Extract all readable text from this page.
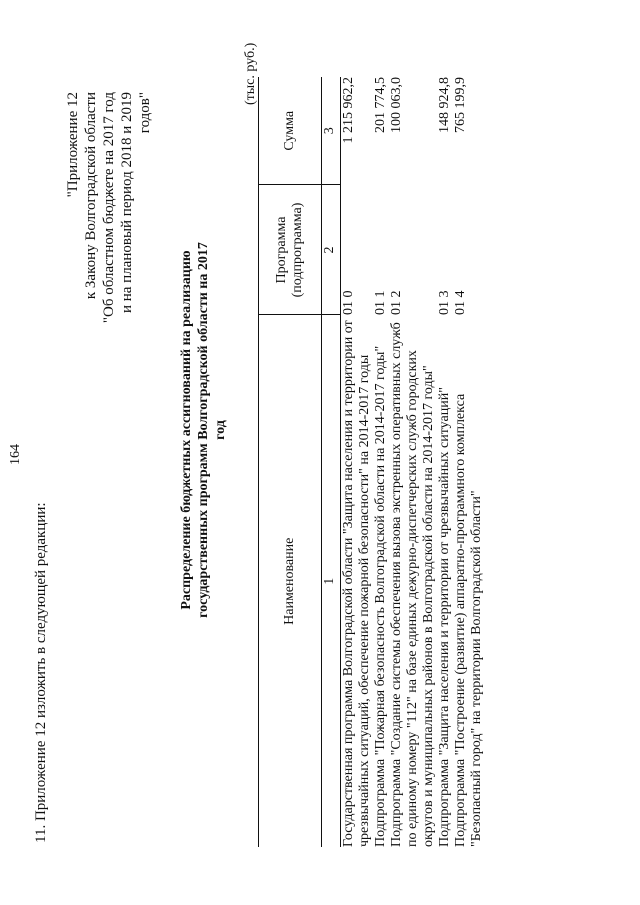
164
11. Приложение 12 изложить в следующей редакции:
"Приложение 12 к Закону Волгоградской области "Об областном бюджете на 2017 год и на плановый период 2018 и 2019 годов"
Распределение бюджетных ассигнований на реализацию государственных программ Волгоградской области на 2017 год
(тыс. руб.)
Наименование	Программа (подпрограмма)	Сумма
1	2	3
Государственная программа Волгоградской области "Защита населения и территории от чрезвычайных ситуаций, обеспечение пожарной безопасности" на 2014-2017 годы	01 0	1 215 962,2
Подпрограмма "Пожарная безопасность Волгоградской области на 2014-2017 годы"	01 1	201 774,5
Подпрограмма "Создание системы обеспечения вызова экстренных оперативных служб по единому номеру "112" на базе единых дежурно-диспетчерских служб городских округов и муниципальных районов в Волгоградской области на 2014-2017 годы"	01 2	100 063,0
Подпрограмма "Защита населения и территории от чрезвычайных ситуаций"	01 3	148 924,8
Подпрограмма "Построение (развитие) аппаратно-программного комплекса "Безопасный город" на территории Волгоградской области"	01 4	765 199,9
